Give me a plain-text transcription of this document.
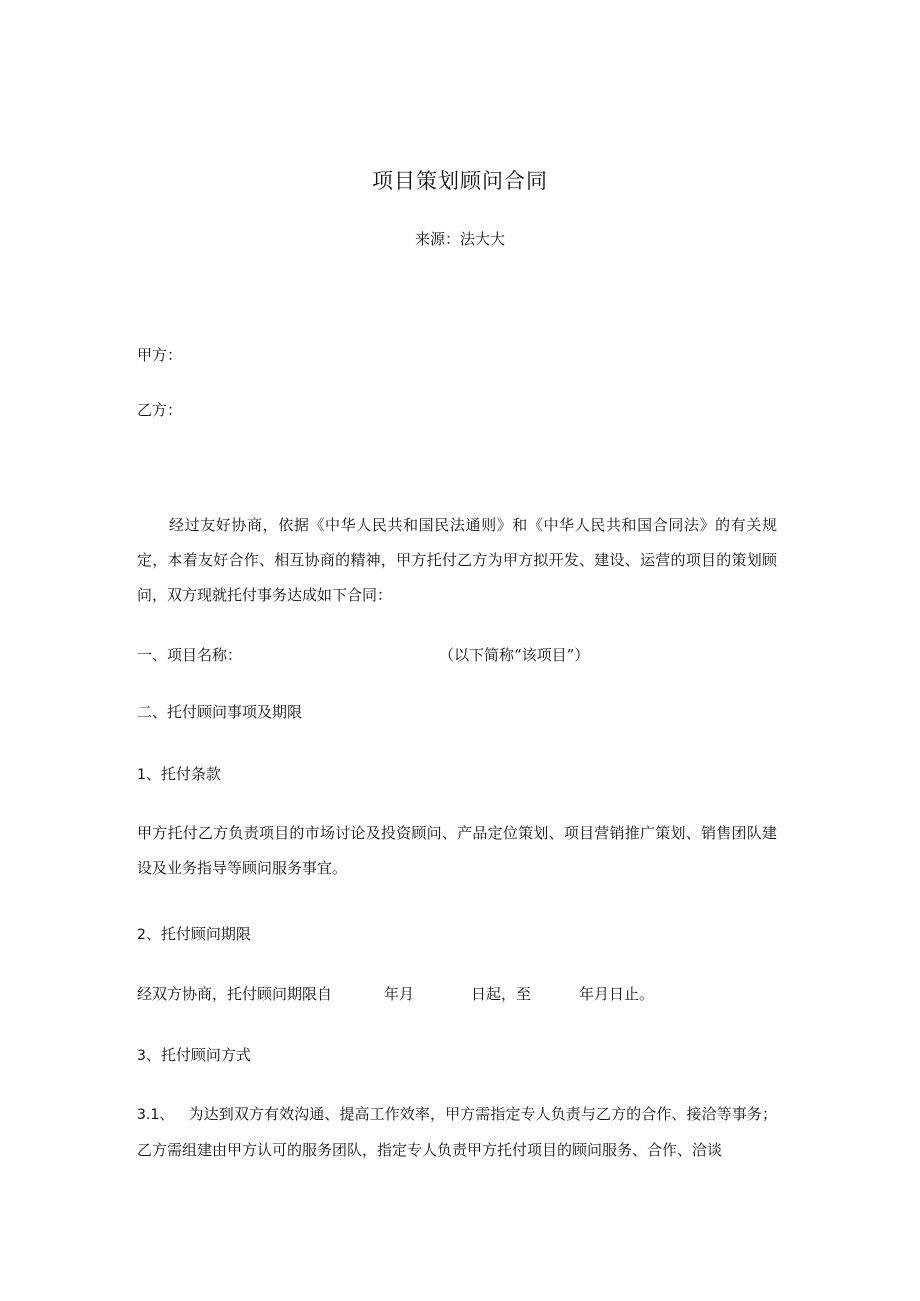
项目策划顾问合同
来源：法大大
甲方：
乙方：
经过友好协商，依据《中华人民共和国民法通则》和《中华人民共和国合同法》的有关规定，本着友好合作、相互协商的精神，甲方托付乙方为甲方拟开发、建设、运营的项目的策划顾问，双方现就托付事务达成如下合同：
一、项目名称：	（以下简称“该项目”）
二、托付顾问事项及期限
1、托付条款
甲方托付乙方负责项目的市场讨论及投资顾问、产品定位策划、项目营销推广策划、销售团队建设及业务指导等顾问服务事宜。
2、托付顾问期限
经双方协商，托付顾问期限自	年月	日起，至	年月日止。
3、托付顾问方式
3.1、 为达到双方有效沟通、提高工作效率，甲方需指定专人负责与乙方的合作、接洽等事务；乙方需组建由甲方认可的服务团队，指定专人负责甲方托付项目的顾问服务、合作、洽谈
